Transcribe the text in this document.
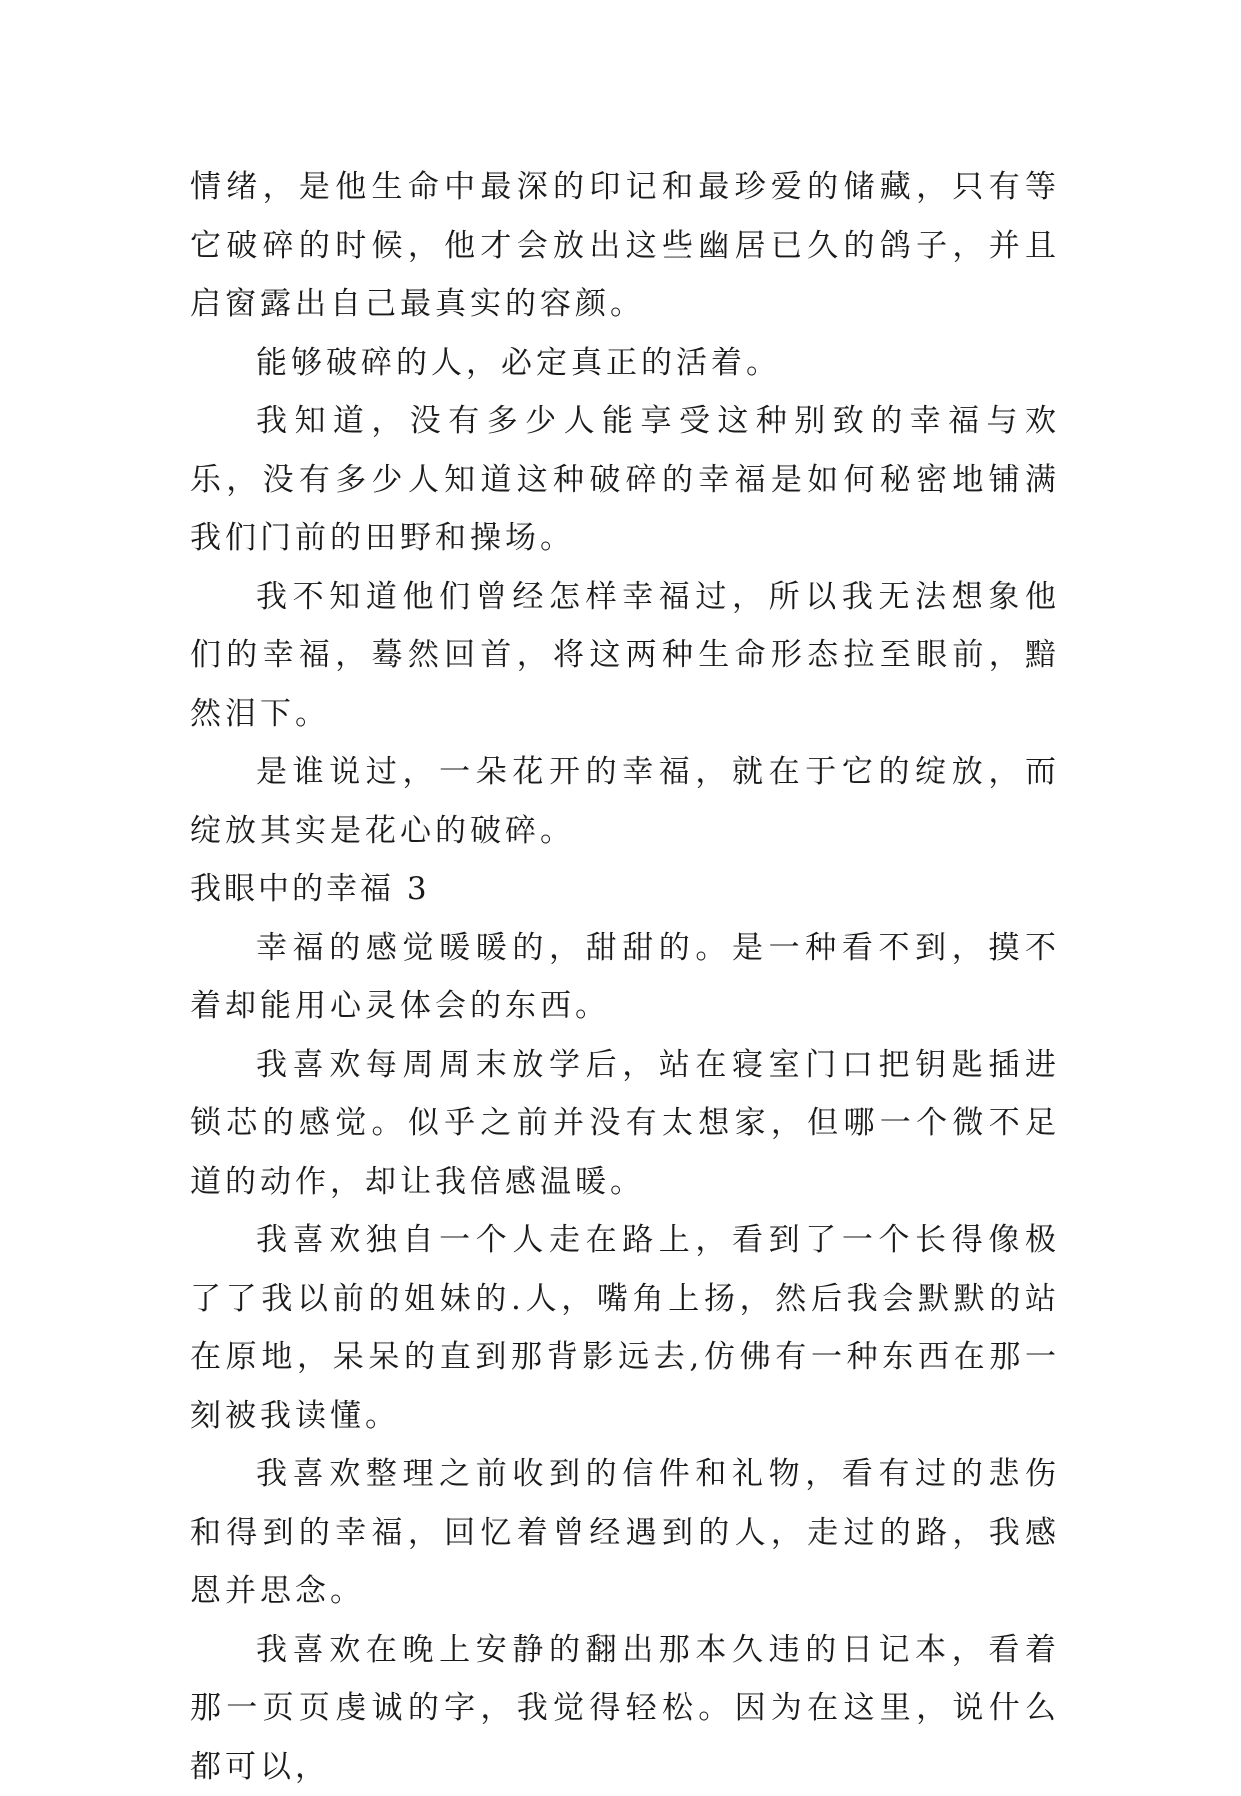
情绪，是他生命中最深的印记和最珍爱的储藏，只有等它破碎的时候，他才会放出这些幽居已久的鸽子，并且启窗露出自己最真实的容颜。

能够破碎的人，必定真正的活着。

我知道，没有多少人能享受这种别致的幸福与欢乐，没有多少人知道这种破碎的幸福是如何秘密地铺满我们门前的田野和操场。

我不知道他们曾经怎样幸福过，所以我无法想象他们的幸福，蓦然回首，将这两种生命形态拉至眼前，黯然泪下。

是谁说过，一朵花开的幸福，就在于它的绽放，而绽放其实是花心的破碎。

我眼中的幸福 3

幸福的感觉暖暖的，甜甜的。是一种看不到，摸不着却能用心灵体会的东西。

我喜欢每周周末放学后，站在寝室门口把钥匙插进锁芯的感觉。似乎之前并没有太想家，但哪一个微不足道的动作，却让我倍感温暖。

我喜欢独自一个人走在路上，看到了一个长得像极了了我以前的姐妹的.人，嘴角上扬，然后我会默默的站在原地，呆呆的直到那背影远去,仿佛有一种东西在那一刻被我读懂。

我喜欢整理之前收到的信件和礼物，看有过的悲伤和得到的幸福，回忆着曾经遇到的人，走过的路，我感恩并思念。

我喜欢在晚上安静的翻出那本久违的日记本，看着那一页页虔诚的字，我觉得轻松。因为在这里，说什么都可以，
